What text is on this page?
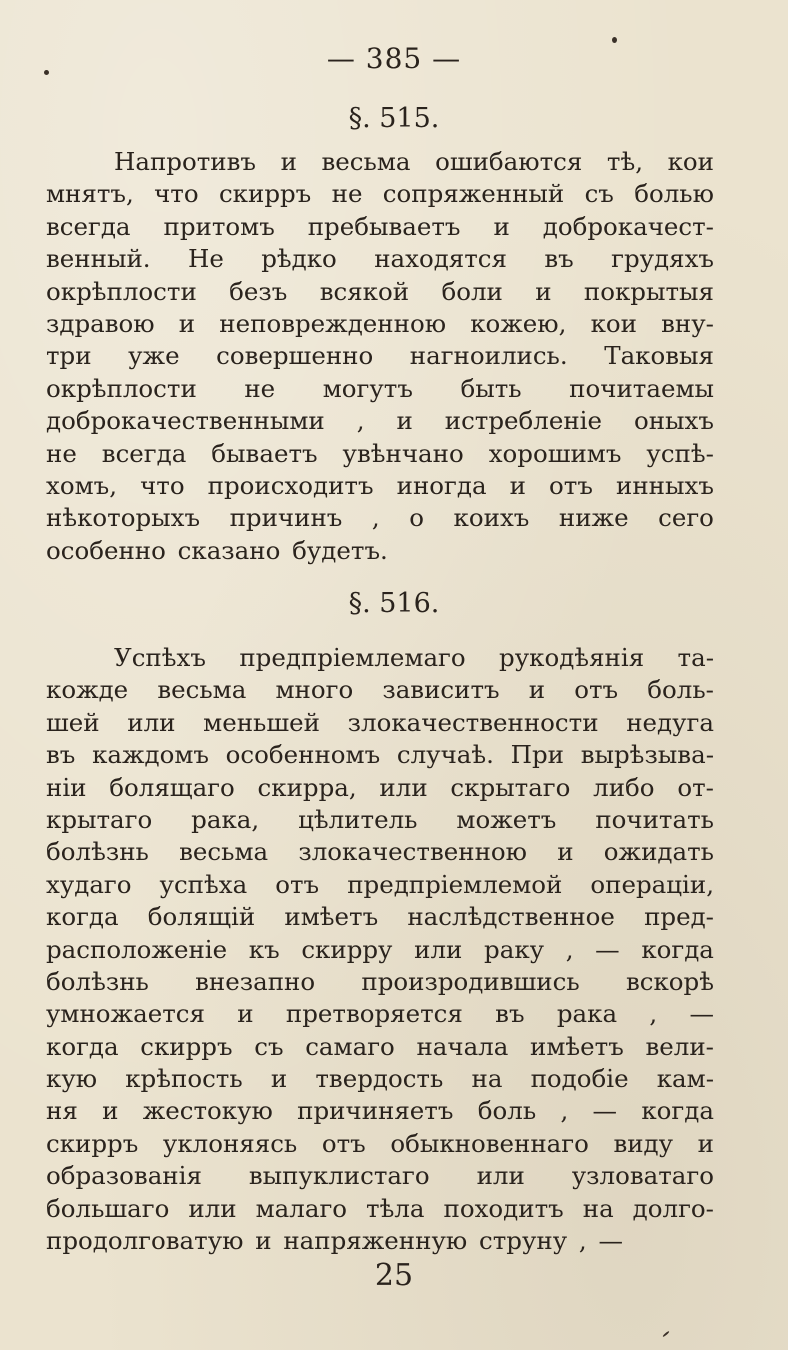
— 385 —
§. 515.
Напротивъ и весьма ошибаются тѣ, кои
мнятъ, что скирръ не сопряженный съ болью
всегда притомъ пребываетъ и доброкачест-
венный. Не рѣдко находятся въ грудяхъ
окрѣплости безъ всякой боли и покрытыя
здравою и неповрежденною кожею, кои вну-
три уже совершенно нагноились. Таковыя
окрѣплости не могутъ быть почитаемы
доброкачественными , и истребленіе оныхъ
не всегда бываетъ увѣнчано хорошимъ успѣ-
хомъ, что происходитъ иногда и отъ инныхъ
нѣкоторыхъ причинъ , о коихъ ниже сего
особенно сказано будетъ.
§. 516.
Успѣхъ предпріемлемаго рукодѣянія та-
кожде весьма много зависитъ и отъ боль-
шей или меньшей злокачественности недуга
въ каждомъ особенномъ случаѣ. При вырѣзыва-
ніи болящаго скирра, или скрытаго либо от-
крытаго рака, цѣлитель можетъ почитать
болѣзнь весьма злокачественною и ожидать
худаго успѣха отъ предпріемлемой операціи,
когда болящій имѣетъ наслѣдственное пред-
расположеніе къ скирру или раку , — когда
болѣзнь внезапно произродившись вскорѣ
умножается и претворяется въ рака , —
когда скирръ съ самаго начала имѣетъ вели-
кую крѣпость и твердость на подобіе кам-
ня и жестокую причиняетъ боль , — когда
скирръ уклоняясь отъ обыкновеннаго виду и
образованія выпуклистаго или узловатаго
большаго или малаго тѣла походитъ на долго-
продолговатую и напряженную струну , —
25
